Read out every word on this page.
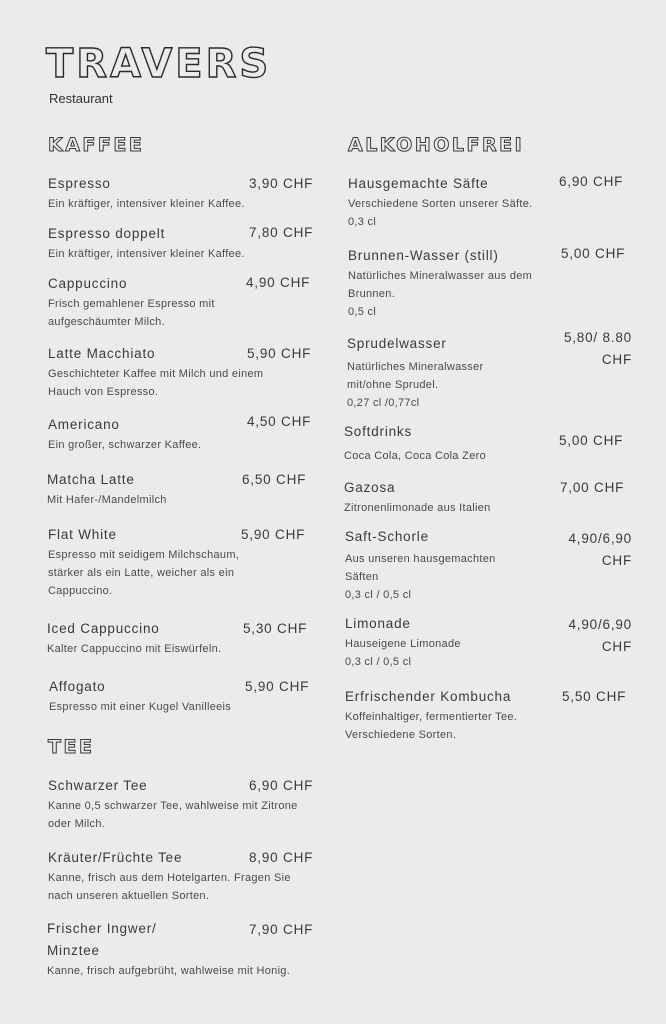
TRAVERS
Restaurant
KAFFEE
Espresso
Ein kräftiger, intensiver kleiner Kaffee.
3,90 CHF
Espresso doppelt
Ein kräftiger, intensiver kleiner Kaffee.
7,80 CHF
Cappuccino
Frisch gemahlener Espresso mit aufgeschäumter Milch.
4,90 CHF
Latte Macchiato
Geschichteter Kaffee mit Milch und einem Hauch von Espresso.
5,90 CHF
Americano
Ein großer, schwarzer Kaffee.
4,50 CHF
Matcha Latte
Mit Hafer-/Mandelmilch
6,50 CHF
Flat White
Espresso mit seidigem Milchschaum, stärker als ein Latte, weicher als ein Cappuccino.
5,90 CHF
Iced Cappuccino
Kalter Cappuccino mit Eiswürfeln.
5,30 CHF
Affogato
Espresso mit einer Kugel Vanilleeis
5,90 CHF
TEE
Schwarzer Tee
Kanne 0,5 schwarzer Tee, wahlweise mit Zitrone oder Milch.
6,90 CHF
Kräuter/Früchte Tee
Kanne, frisch aus dem Hotelgarten. Fragen Sie nach unseren aktuellen Sorten.
8,90 CHF
Frischer Ingwer/ Minztee
Kanne, frisch aufgebrüht, wahlweise mit Honig.
7,90 CHF
ALKOHOLFREI
Hausgemachte Säfte
Verschiedene Sorten unserer Säfte.
0,3 cl
6,90 CHF
Brunnen-Wasser (still)
Natürliches Mineralwasser aus dem Brunnen.
0,5 cl
5,00 CHF
Sprudelwasser
Natürliches Mineralwasser mit/ohne Sprudel.
0,27 cl /0,77cl
5,80/ 8.80 CHF
Softdrinks
Coca Cola, Coca Cola Zero
5,00 CHF
Gazosa
Zitronenlimonade aus Italien
7,00 CHF
Saft-Schorle
Aus unseren hausgemachten Säften
0,3 cl / 0,5 cl
4,90/6,90 CHF
Limonade
Hauseigene Limonade
0,3 cl / 0,5 cl
4,90/6,90 CHF
Erfrischender Kombucha
Koffeinhaltiger, fermentierter Tee. Verschiedene Sorten.
5,50 CHF
